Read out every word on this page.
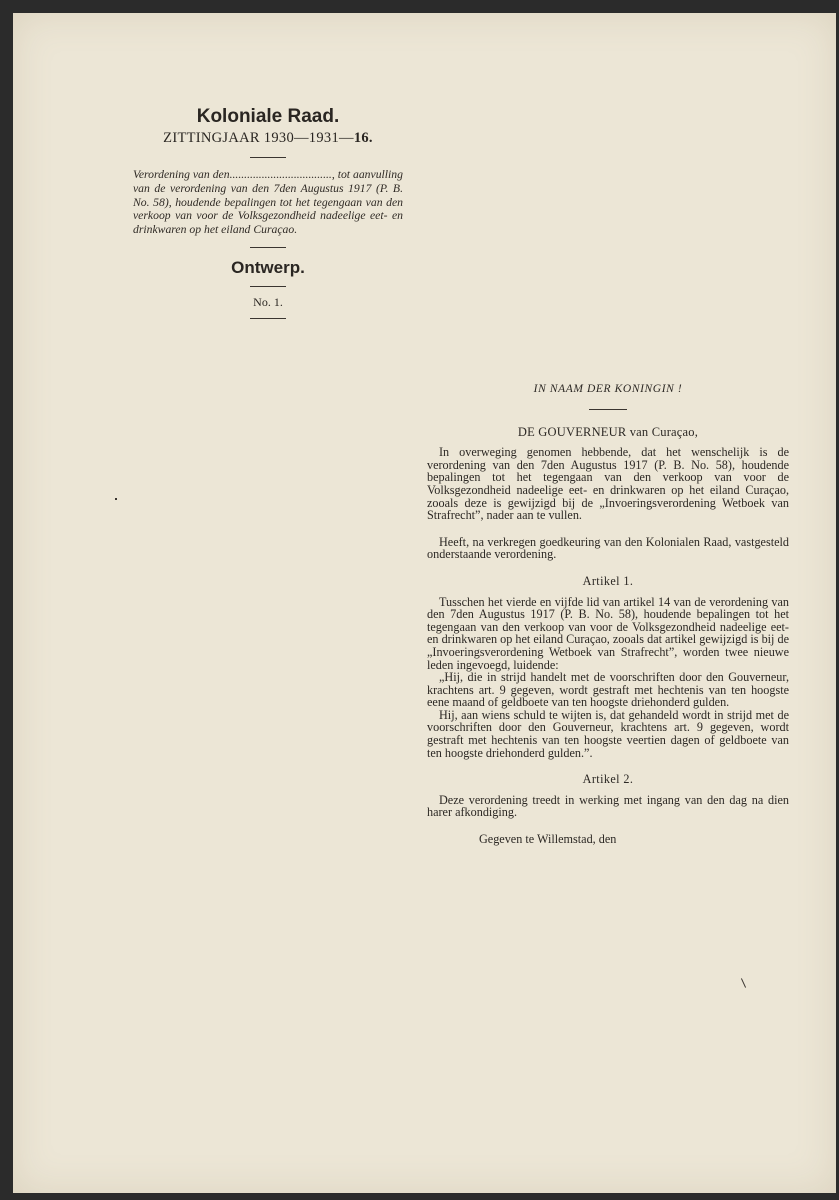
Koloniale Raad.

ZITTINGJAAR 1930—1931—16.

Verordening van den..................................., tot aanvulling van de verordening van den 7den Augustus 1917 (P. B. No. 58), houdende bepalingen tot het tegengaan van den verkoop van voor de Volksgezondheid nadeelige eet- en drinkwaren op het eiland Curaçao.

Ontwerp.

No. 1.

IN NAAM DER KONINGIN !
DE GOUVERNEUR van Curaçao,

In overweging genomen hebbende, dat het wenschelijk is de verordening van den 7den Augustus 1917 (P. B. No. 58), houdende bepalingen tot het tegengaan van den verkoop van voor de Volksgezondheid nadeelige eet- en drinkwaren op het eiland Curaçao, zooals deze is gewijzigd bij de „Invoeringsverordening Wetboek van Strafrecht”, nader aan te vullen.

Heeft, na verkregen goedkeuring van den Kolonialen Raad, vastgesteld onderstaande verordening.

Artikel 1.

Tusschen het vierde en vijfde lid van artikel 14 van de verordening van den 7den Augustus 1917 (P. B. No. 58), houdende bepalingen tot het tegengaan van den verkoop van voor de Volksgezondheid nadeelige eet- en drinkwaren op het eiland Curaçao, zooals dat artikel gewijzigd is bij de „Invoeringsverordening Wetboek van Strafrecht”, worden twee nieuwe leden ingevoegd, luidende:

„Hij, die in strijd handelt met de voorschriften door den Gouverneur, krachtens art. 9 gegeven, wordt gestraft met hechtenis van ten hoogste eene maand of geldboete van ten hoogste driehonderd gulden.

Hij, aan wiens schuld te wijten is, dat gehandeld wordt in strijd met de voorschriften door den Gouverneur, krachtens art. 9 gegeven, wordt gestraft met hechtenis van ten hoogste veertien dagen of geldboete van ten hoogste driehonderd gulden.”.

Artikel 2.

Deze verordening treedt in werking met ingang van den dag na dien harer afkondiging.

Gegeven te Willemstad, den
